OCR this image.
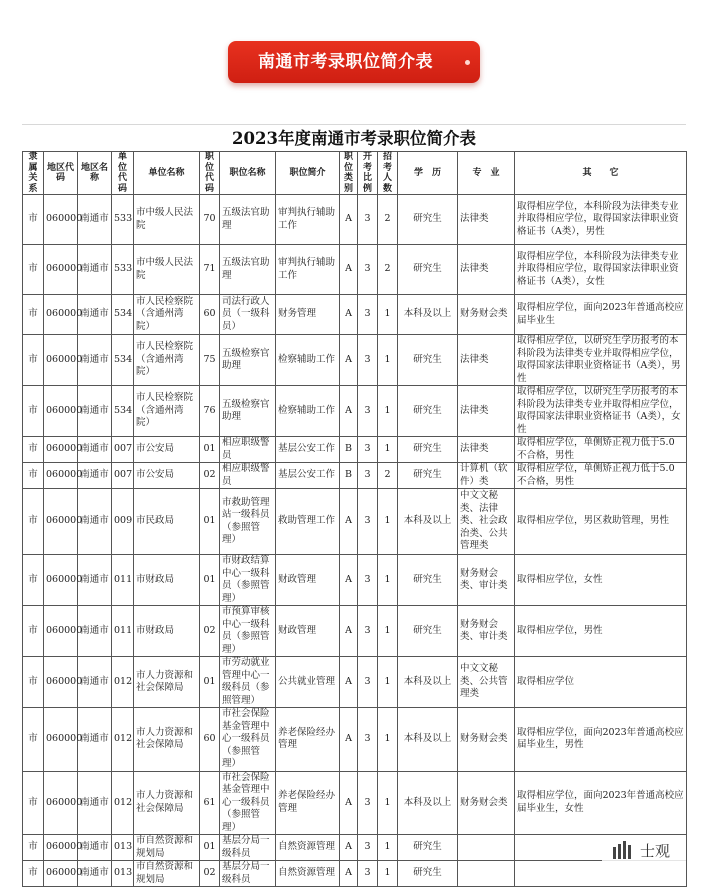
南通市考录职位简介表
2023年度南通市考录职位简介表
隶属关系	地区代码	地区名称	单位代码	单位名称	职位代码	职位名称	职位简介	职位类别	开考比例	招考人数	学　历	专　业	其　　它
市	060000	南通市	533	市中级人民法院	70	五级法官助理	审判执行辅助工作	A	3	2	研究生	法律类	取得相应学位，本科阶段为法律类专业并取得相应学位，取得国家法律职业资格证书（A类），男性
市	060000	南通市	533	市中级人民法院	71	五级法官助理	审判执行辅助工作	A	3	2	研究生	法律类	取得相应学位，本科阶段为法律类专业并取得相应学位，取得国家法律职业资格证书（A类），女性
市	060000	南通市	534	市人民检察院（含通州湾院）	60	司法行政人员（一级科员）	财务管理	A	3	1	本科及以上	财务财会类	取得相应学位，面向2023年普通高校应届毕业生
市	060000	南通市	534	市人民检察院（含通州湾院）	75	五级检察官助理	检察辅助工作	A	3	1	研究生	法律类	取得相应学位，以研究生学历报考的本科阶段为法律类专业并取得相应学位，取得国家法律职业资格证书（A类），男性
市	060000	南通市	534	市人民检察院（含通州湾院）	76	五级检察官助理	检察辅助工作	A	3	1	研究生	法律类	取得相应学位，以研究生学历报考的本科阶段为法律类专业并取得相应学位，取得国家法律职业资格证书（A类），女性
市	060000	南通市	007	市公安局	01	相应职级警员	基层公安工作	B	3	1	研究生	法律类	取得相应学位，单侧矫正视力低于5.0不合格，男性
市	060000	南通市	007	市公安局	02	相应职级警员	基层公安工作	B	3	2	研究生	计算机（软件）类	取得相应学位，单侧矫正视力低于5.0不合格，男性
市	060000	南通市	009	市民政局	01	市救助管理站一级科员（参照管理）	救助管理工作	A	3	1	本科及以上	中文文秘类、法律类、社会政治类、公共管理类	取得相应学位，男区救助管理，男性
市	060000	南通市	011	市财政局	01	市财政结算中心一级科员（参照管理）	财政管理	A	3	1	研究生	财务财会类、审计类	取得相应学位，女性
市	060000	南通市	011	市财政局	02	市预算审核中心一级科员（参照管理）	财政管理	A	3	1	研究生	财务财会类、审计类	取得相应学位，男性
市	060000	南通市	012	市人力资源和社会保障局	01	市劳动就业管理中心一级科员（参照管理）	公共就业管理	A	3	1	本科及以上	中文文秘类、公共管理类	取得相应学位
市	060000	南通市	012	市人力资源和社会保障局	60	市社会保险基金管理中心一级科员（参照管理）	养老保险经办管理	A	3	1	本科及以上	财务财会类	取得相应学位，面向2023年普通高校应届毕业生，男性
市	060000	南通市	012	市人力资源和社会保障局	61	市社会保险基金管理中心一级科员（参照管理）	养老保险经办管理	A	3	1	本科及以上	财务财会类	取得相应学位，面向2023年普通高校应届毕业生，女性
市	060000	南通市	013	市自然资源和规划局	01	基层分局一级科员	自然资源管理	A	3	1	研究生		
市	060000	南通市	013	市自然资源和规划局	02	基层分局一级科员	自然资源管理	A	3	1	研究生		
士观
